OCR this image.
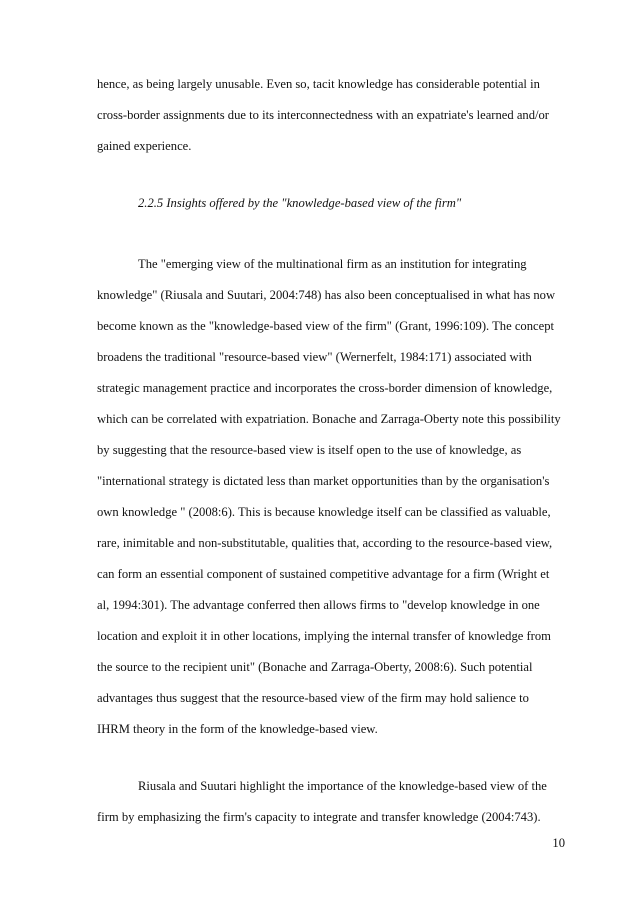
hence, as being largely unusable. Even so, tacit knowledge has considerable potential in
cross-border assignments due to its interconnectedness with an expatriate's learned and/or
gained experience.
2.2.5 Insights offered by the "knowledge-based view of the firm"
The "emerging view of the multinational firm as an institution for integrating
knowledge" (Riusala and Suutari, 2004:748) has also been conceptualised in what has now
become known as the "knowledge-based view of the firm" (Grant, 1996:109). The concept
broadens the traditional "resource-based view" (Wernerfelt, 1984:171) associated with
strategic management practice and incorporates the cross-border dimension of knowledge,
which can be correlated with expatriation. Bonache and Zarraga-Oberty note this possibility
by suggesting that the resource-based view is itself open to the use of knowledge, as
"international strategy is dictated less than market opportunities than by the organisation's
own knowledge " (2008:6). This is because knowledge itself can be classified as valuable,
rare, inimitable and non-substitutable, qualities that, according to the resource-based view,
can form an essential component of sustained competitive advantage for a firm (Wright et
al, 1994:301). The advantage conferred then allows firms to "develop knowledge in one
location and exploit it in other locations, implying the internal transfer of knowledge from
the source to the recipient unit" (Bonache and Zarraga-Oberty, 2008:6). Such potential
advantages thus suggest that the resource-based view of the firm may hold salience to
IHRM theory in the form of the knowledge-based view.
Riusala and Suutari highlight the importance of the knowledge-based view of the
firm by emphasizing the firm's capacity to integrate and transfer knowledge (2004:743).
10
